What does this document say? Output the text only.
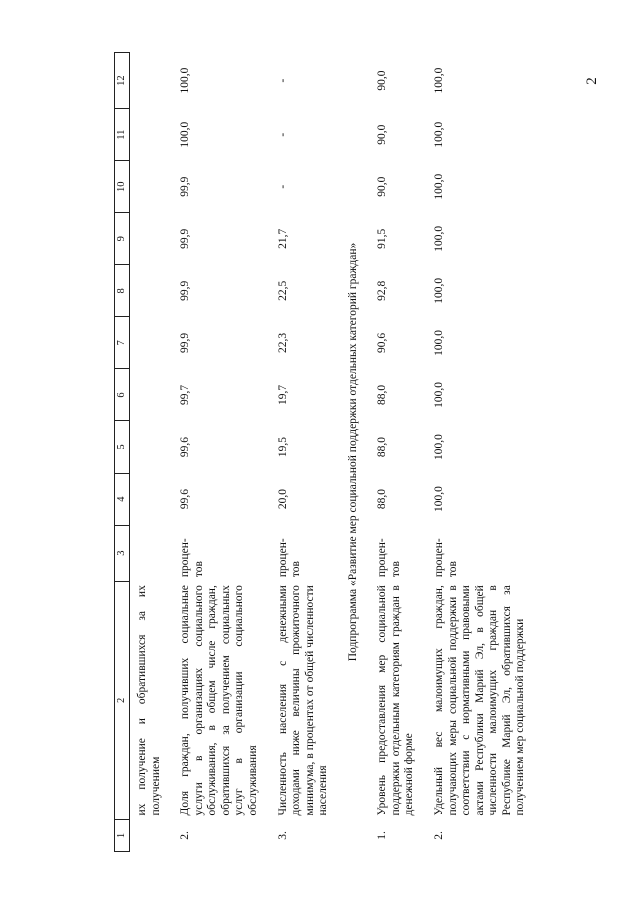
2
1	2	3	4	5	6	7	8	9	10	11	12
	их получение и обратившихся за их получением										
2.	Доля граждан, получивших социальные услуги в организациях социального обслуживания, в общем числе граждан, обратившихся за получением социальных услуг в организации социального обслуживания	процен-тов	99,6	99,6	99,7	99,9	99,9	99,9	99,9	100,0	100,0
3.	Численность населения с денежными доходами ниже величины прожиточного минимума, в процентах от общей численности населения	процен-тов	20,0	19,5	19,7	22,3	22,5	21,7	-	-	-
Подпрограмма «Развитие мер социальной поддержки отдельных категорий граждан»											
1.	Уровень предоставления мер социальной поддержки отдельным категориям граждан в денежной форме	процен-тов	88,0	88,0	88,0	90,6	92,8	91,5	90,0	90,0	90,0
2.	Удельный вес малоимущих граждан, получающих меры социальной поддержки в соответствии с нормативными правовыми актами Республики Марий Эл, в общей численности малоимущих граждан в Республике Марий Эл, обратившихся за получением мер социальной поддержки	процен-тов	100,0	100,0	100,0	100,0	100,0	100,0	100,0	100,0	100,0
